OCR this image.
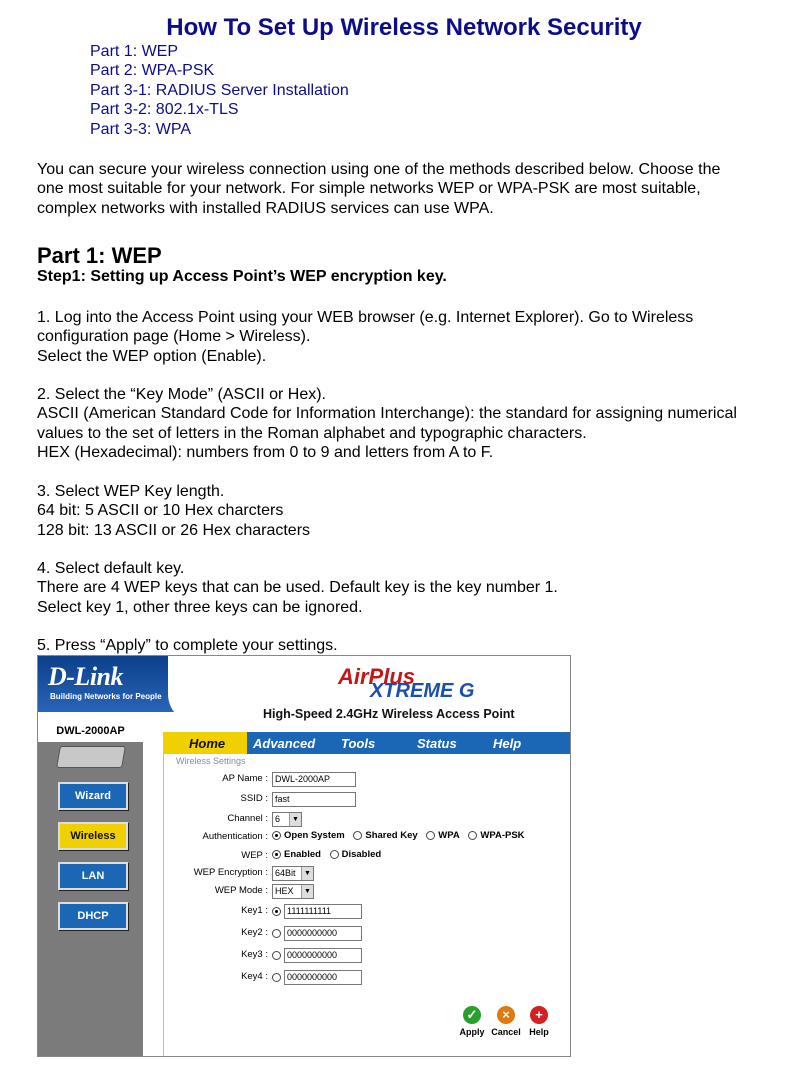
How To Set Up Wireless Network Security
Part 1: WEP
Part 2: WPA-PSK
Part 3-1: RADIUS Server Installation
Part 3-2: 802.1x-TLS
Part 3-3: WPA
You can secure your wireless connection using one of the methods described below. Choose the
one most suitable for your network. For simple networks WEP or WPA-PSK are most suitable,
complex networks with installed RADIUS services can use WPA.
Part 1: WEP
Step1: Setting up Access Point’s WEP encryption key.
1. Log into the Access Point using your WEB browser (e.g. Internet Explorer). Go to Wireless
configuration page (Home > Wireless).
Select the WEP option (Enable).
2. Select the “Key Mode” (ASCII or Hex).
ASCII (American Standard Code for Information Interchange): the standard for assigning numerical
values to the set of letters in the Roman alphabet and typographic characters.
HEX (Hexadecimal): numbers from 0 to 9 and letters from A to F.
3. Select WEP Key length.
64 bit: 5 ASCII or 10 Hex charcters
128 bit: 13 ASCII or 26 Hex characters
4. Select default key.
There are 4 WEP keys that can be used. Default key is the key number 1.
Select key 1, other three keys can be ignored.
5. Press “Apply” to complete your settings.
D-Link
Building Networks for People
AirPlus
XTREME G
High-Speed 2.4GHz Wireless Access Point
DWL-2000AP
Wizard
Wireless
LAN
DHCP
Home	Advanced Tools	Status	Help
Wireless Settings
AP Name : DWL-2000AP
SSID : fast
Channel : 6	▼
Authentication :	Open System Shared Key WPA WPA-PSK
WEP :	Enabled Disabled
WEP Encryption : 64Bit	▼
WEP Mode : HEX	▼
Key1 :	1111111111
Key2 :	0000000000
Key3 :	0000000000
Key4 :	0000000000
✓
Apply
×
Cancel
+
Help
